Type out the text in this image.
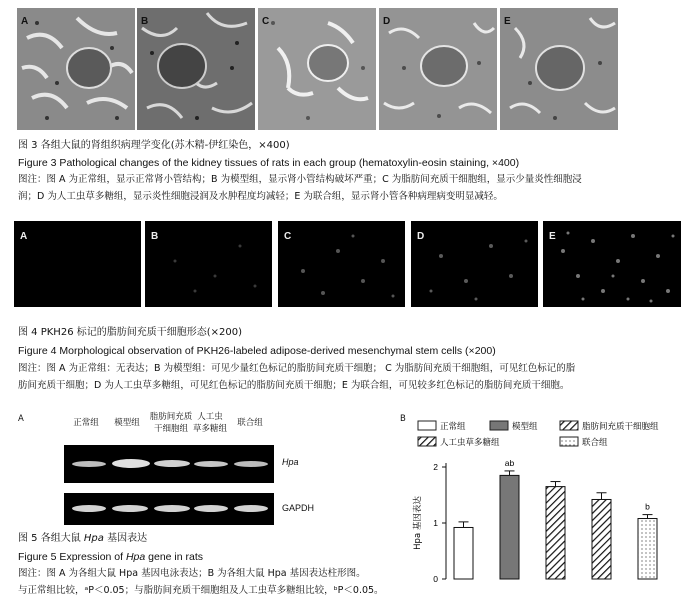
A	B	C	D	E
图 3 各组大鼠的肾组织病理学变化(苏木精-伊红染色，×400)
Figure 3 Pathological changes of the kidney tissues of rats in each group (hematoxylin-eosin staining, ×400)
图注：图 A 为正常组，显示正常肾小管结构；B 为模型组，显示肾小管结构破坏严重；C 为脂肪间充质干细胞组，显示少量炎性细胞浸
润；D 为人工虫草多糖组，显示炎性细胞浸润及水肿程度均减轻；E 为联合组，显示肾小管各种病理病变明显减轻。
A	B	C	D	E
图 4 PKH26 标记的脂肪间充质干细胞形态(×200)
Figure 4 Morphological observation of PKH26-labeled adipose-derived mesenchymal stem cells (×200)
图注：图 A 为正常组：无表达；B 为模型组：可见少量红色标记的脂肪间充质干细胞； C 为脂肪间充质干细胞组，可见红色标记的脂
肪间充质干细胞；D 为人工虫草多糖组，可见红色标记的脂肪间充质干细胞；E 为联合组，可见较多红色标记的脂肪间充质干细胞。
A	正常组	模型组
脂肪间充质
干细胞组
人工虫
草多糖组
联合组
Hpa
GAPDH
B
正常组	模型组	脂肪间充质干细胞组
人工虫草多糖组	联合组
0
1
2	ab
b
Hpa 基因表达
图 5 各组大鼠 Hpa 基因表达
Figure 5 Expression of Hpa gene in rats
图注：图 A 为各组大鼠 Hpa 基因电泳表达；B 为各组大鼠 Hpa 基因表达柱形图。
与正常组比较，ᵃP＜0.05；与脂肪间充质干细胞组及人工虫草多糖组比较，ᵇP＜0.05。
